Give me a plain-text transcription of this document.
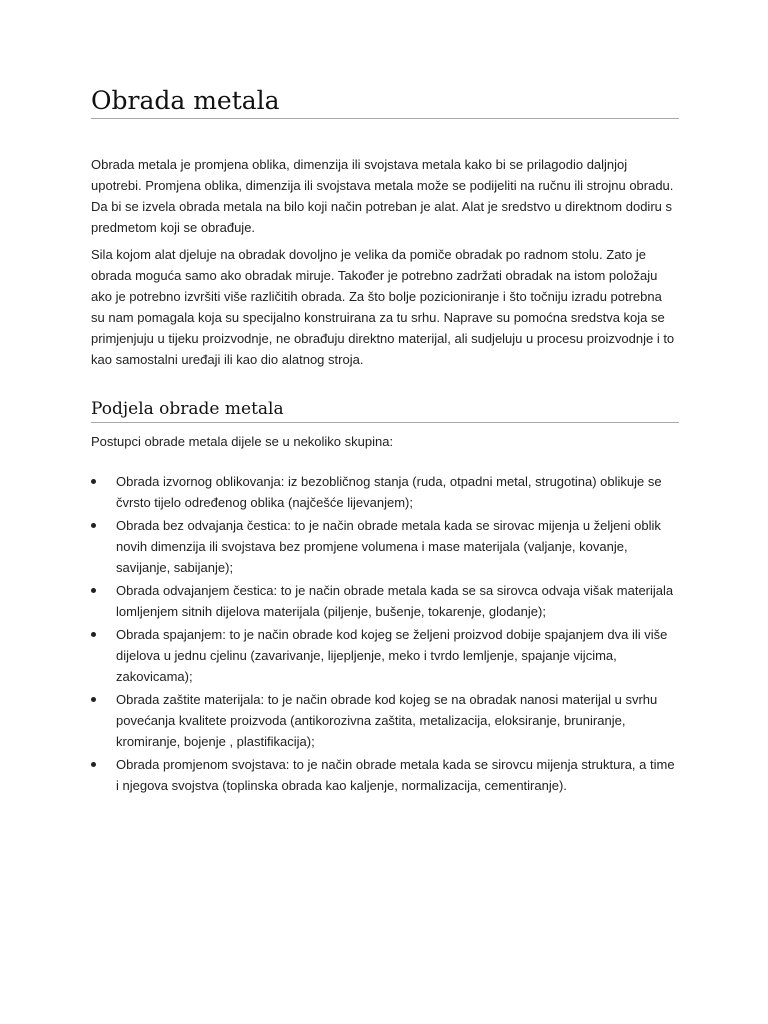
Obrada metala

Obrada metala je promjena oblika, dimenzija ili svojstava metala kako bi se prilagodio daljnjoj upotrebi. Promjena oblika, dimenzija ili svojstava metala može se podijeliti na ručnu ili strojnu obradu. Da bi se izvela obrada metala na bilo koji način potreban je alat. Alat je sredstvo u direktnom dodiru s predmetom koji se obrađuje.

Sila kojom alat djeluje na obradak dovoljno je velika da pomiče obradak po radnom stolu. Zato je obrada moguća samo ako obradak miruje. Također je potrebno zadržati obradak na istom položaju ako je potrebno izvršiti više različitih obrada. Za što bolje pozicioniranje i što točniju izradu potrebna su nam pomagala koja su specijalno konstruirana za tu srhu. Naprave su pomoćna sredstva koja se primjenjuju u tijeku proizvodnje, ne obrađuju direktno materijal, ali sudjeluju u procesu proizvodnje i to kao samostalni uređaji ili kao dio alatnog stroja.

Podjela obrade metala

Postupci obrade metala dijele se u nekoliko skupina:

Obrada izvornog oblikovanja: iz bezobličnog stanja (ruda, otpadni metal, strugotina) oblikuje se čvrsto tijelo određenog oblika (najčešće lijevanjem);
Obrada bez odvajanja čestica: to je način obrade metala kada se sirovac mijenja u željeni oblik novih dimenzija ili svojstava bez promjene volumena i mase materijala (valjanje, kovanje, savijanje, sabijanje);
Obrada odvajanjem čestica: to je način obrade metala kada se sa sirovca odvaja višak materijala lomljenjem sitnih dijelova materijala (piljenje, bušenje, tokarenje, glodanje);
Obrada spajanjem: to je način obrade kod kojeg se željeni proizvod dobije spajanjem dva ili više dijelova u jednu cjelinu (zavarivanje, lijepljenje, meko i tvrdo lemljenje, spajanje vijcima, zakovicama);
Obrada zaštite materijala: to je način obrade kod kojeg se na obradak nanosi materijal u svrhu povećanja kvalitete proizvoda (antikorozivna zaštita, metalizacija, eloksiranje, bruniranje, kromiranje, bojenje , plastifikacija);
Obrada promjenom svojstava: to je način obrade metala kada se sirovcu mijenja struktura, a time i njegova svojstva (toplinska obrada kao kaljenje, normalizacija, cementiranje).
